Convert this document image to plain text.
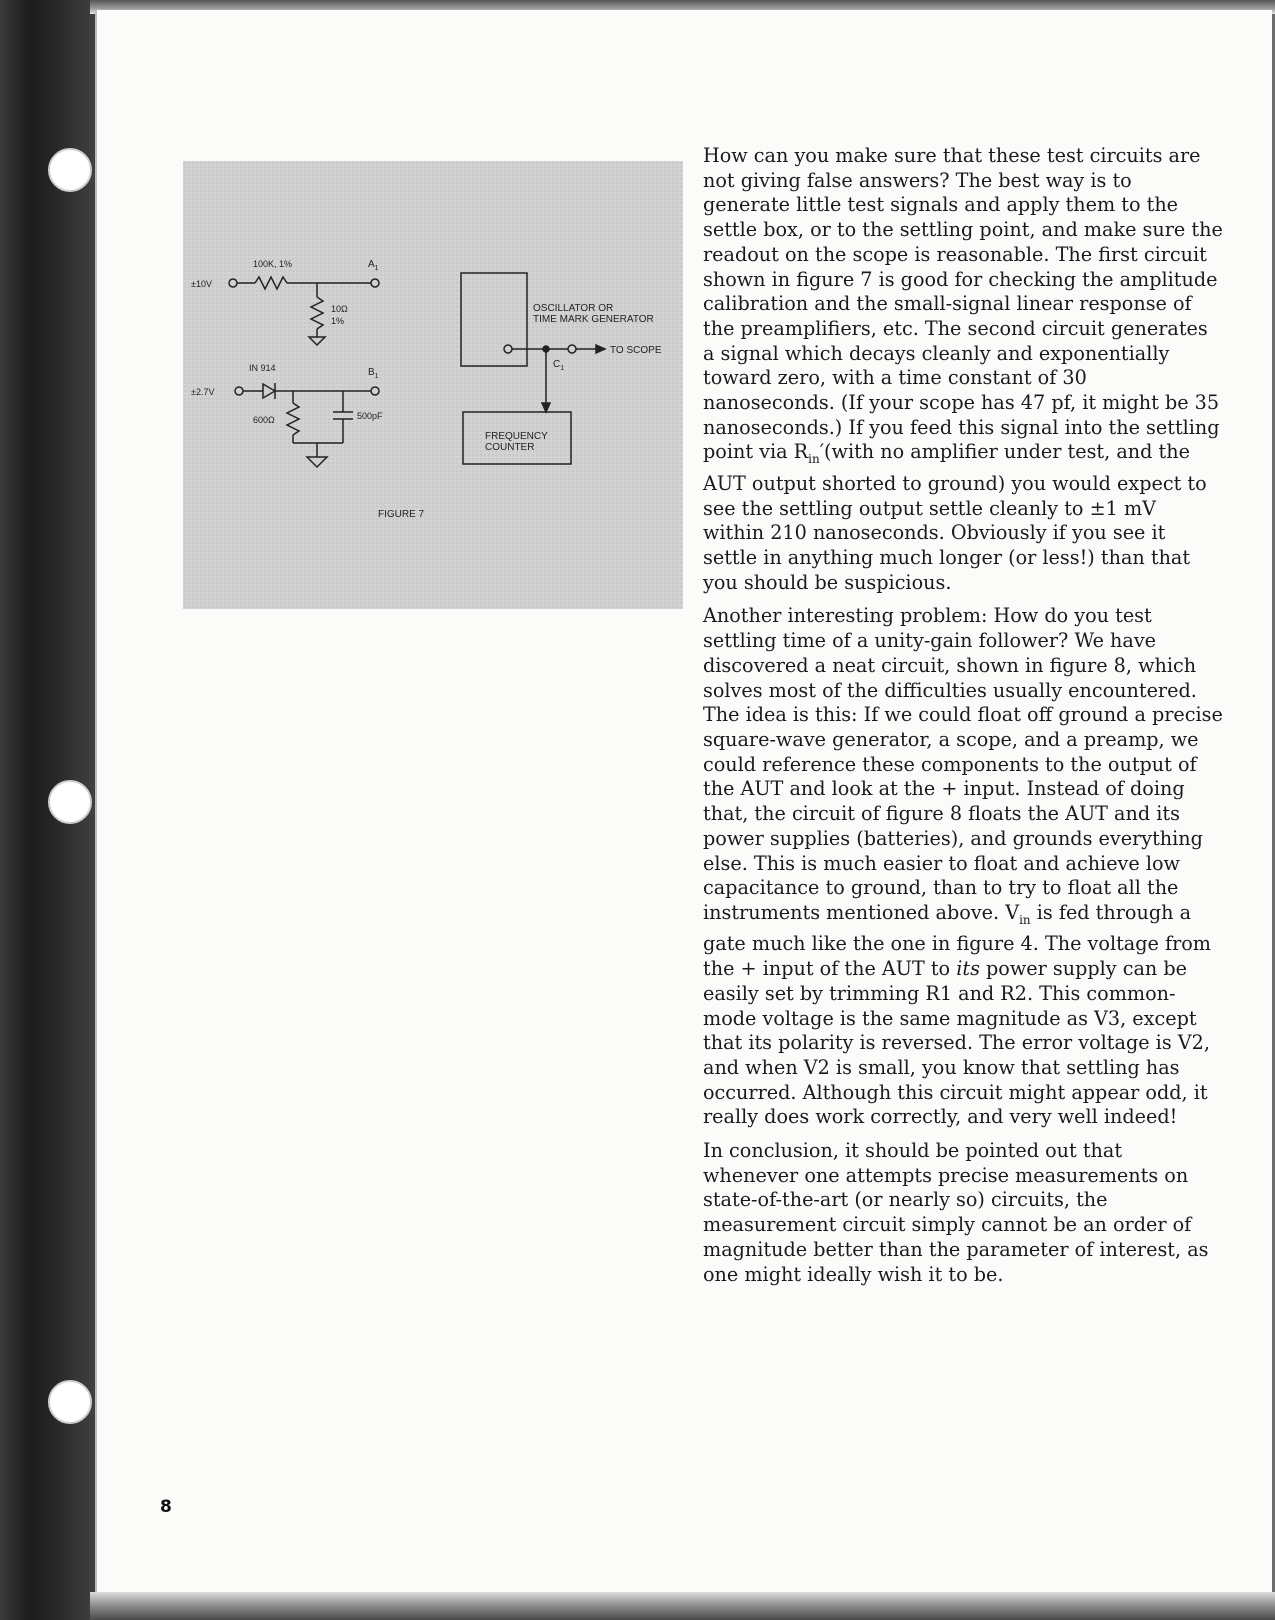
±10V
100K, 1%	$A_1$
10Ω
1%
IN 914	$B_1$
±2.7V
600Ω	500pF
OSCILLATOR OR
TIME MARK GENERATOR
TO SCOPE
$C_1$
FREQUENCY
COUNTER
FIGURE 7

How can you make sure that these test circuits are not giving false answers? The best way is to generate little test signals and apply them to the settle box, or to the settling point, and make sure the readout on the scope is reasonable. The first circuit shown in figure 7 is good for checking the amplitude calibration and the small-signal linear response of the preamplifiers, etc. The second circuit generates a signal which decays cleanly and exponentially toward zero, with a time constant of 30 nanoseconds. (If your scope has 47 pf, it might be 35 nanoseconds.) If you feed this signal into the settling point via $R_{in}'(with$ no amplifier under test, and the AUT output shorted to ground) you would expect to see the settling output settle cleanly to ±1 mV within 210 nanoseconds. Obviously if you see it settle in anything much longer (or less!) than that you should be suspicious.

Another interesting problem: How do you test settling time of a unity-gain follower? We have discovered a neat circuit, shown in figure 8, which solves most of the difficulties usually encountered. The idea is this: If we could float off ground a precise square-wave generator, a scope, and a preamp, we could reference these components to the output of the AUT and look at the + input. Instead of doing that, the circuit of figure 8 floats the AUT and its power supplies (batteries), and grounds everything else. This is much easier to float and achieve low capacitance to ground, than to try to float all the instruments mentioned above. $V_{in}$ is fed through a gate much like the one in figure 4. The voltage from the + input of the AUT to its power supply can be easily set by trimming R1 and R2. This common-mode voltage is the same magnitude as V3, except that its polarity is reversed. The error voltage is V2, and when V2 is small, you know that settling has occurred. Although this circuit might appear odd, it really does work correctly, and very well indeed!

In conclusion, it should be pointed out that whenever one attempts precise measurements on state-of-the-art (or nearly so) circuits, the measurement circuit simply cannot be an order of magnitude better than the parameter of interest, as one might ideally wish it to be.

8
